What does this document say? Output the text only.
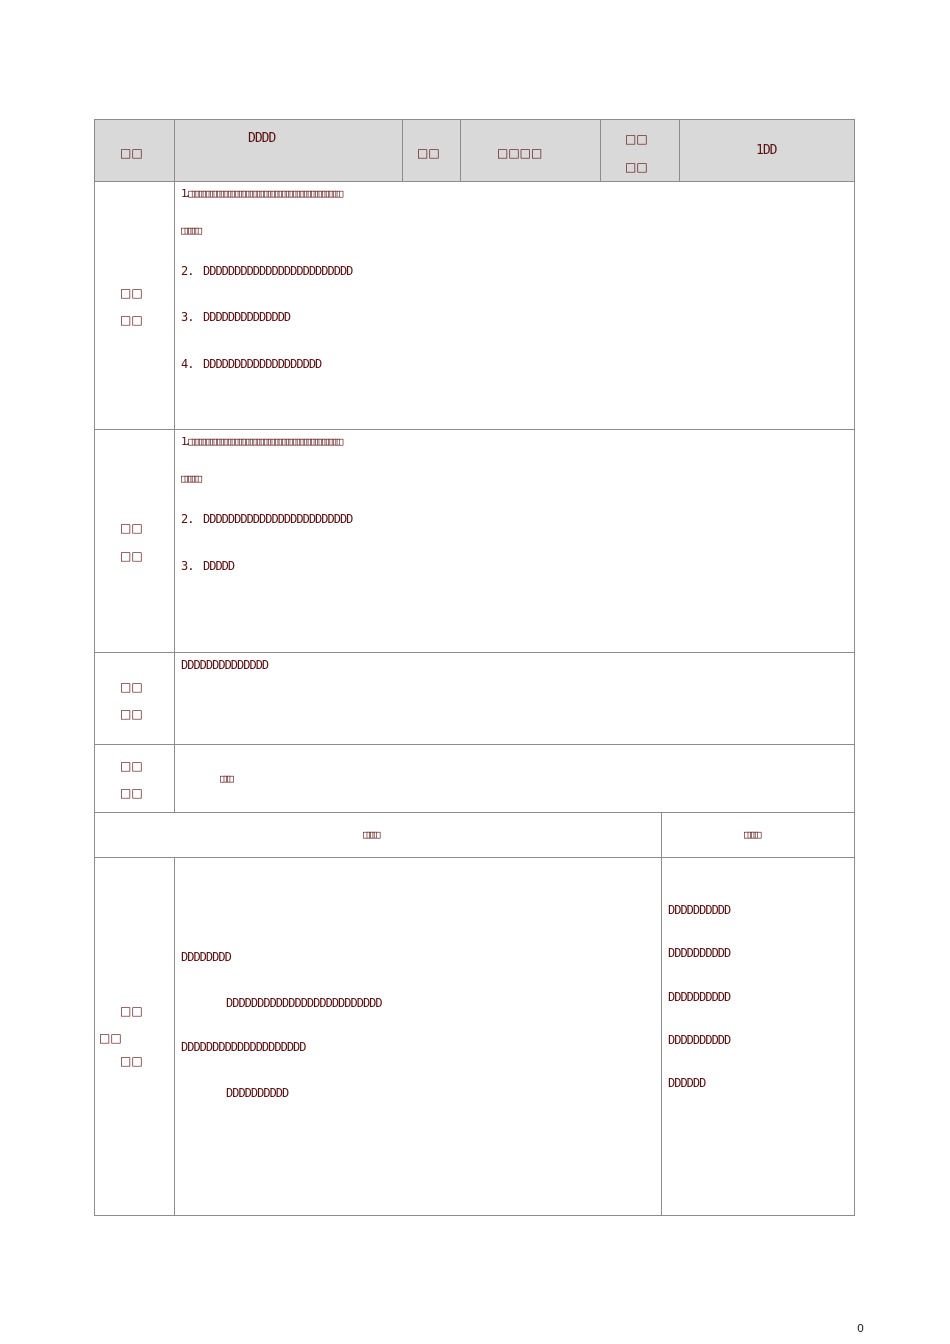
□□
DDDD
□□	□□□□
□□
□□
1DD
□□
□□
1.□□□□□□□□□□□□□□□□□□□□□□□□□□□□□□□□□□□□□□□□□□
□□□□□
2. DDDDDDDDDDDDDDDDDDDDDDDD
3. DDDDDDDDDDDDDD
4. DDDDDDDDDDDDDDDDDDD
□□
□□
1.□□□□□□□□□□□□□□□□□□□□□□□□□□□□□□□□□□□□□□□□□□
□□□□□
2. DDDDDDDDDDDDDDDDDDDDDDDD
3. DDDDD
□□
□□
DDDDDDDDDDDDDD
□□
□□
□□□
□□□□	□□□□
□□
□□
□□
DDDDDDDD
DDDDDDDDDDDDDDDDDDDDDDDDD
DDDDDDDDDDDDDDDDDDDD
DDDDDDDDDD
DDDDDDDDDD
DDDDDDDDDD
DDDDDDDDDD
DDDDDDDDDD
DDDDDD
0
